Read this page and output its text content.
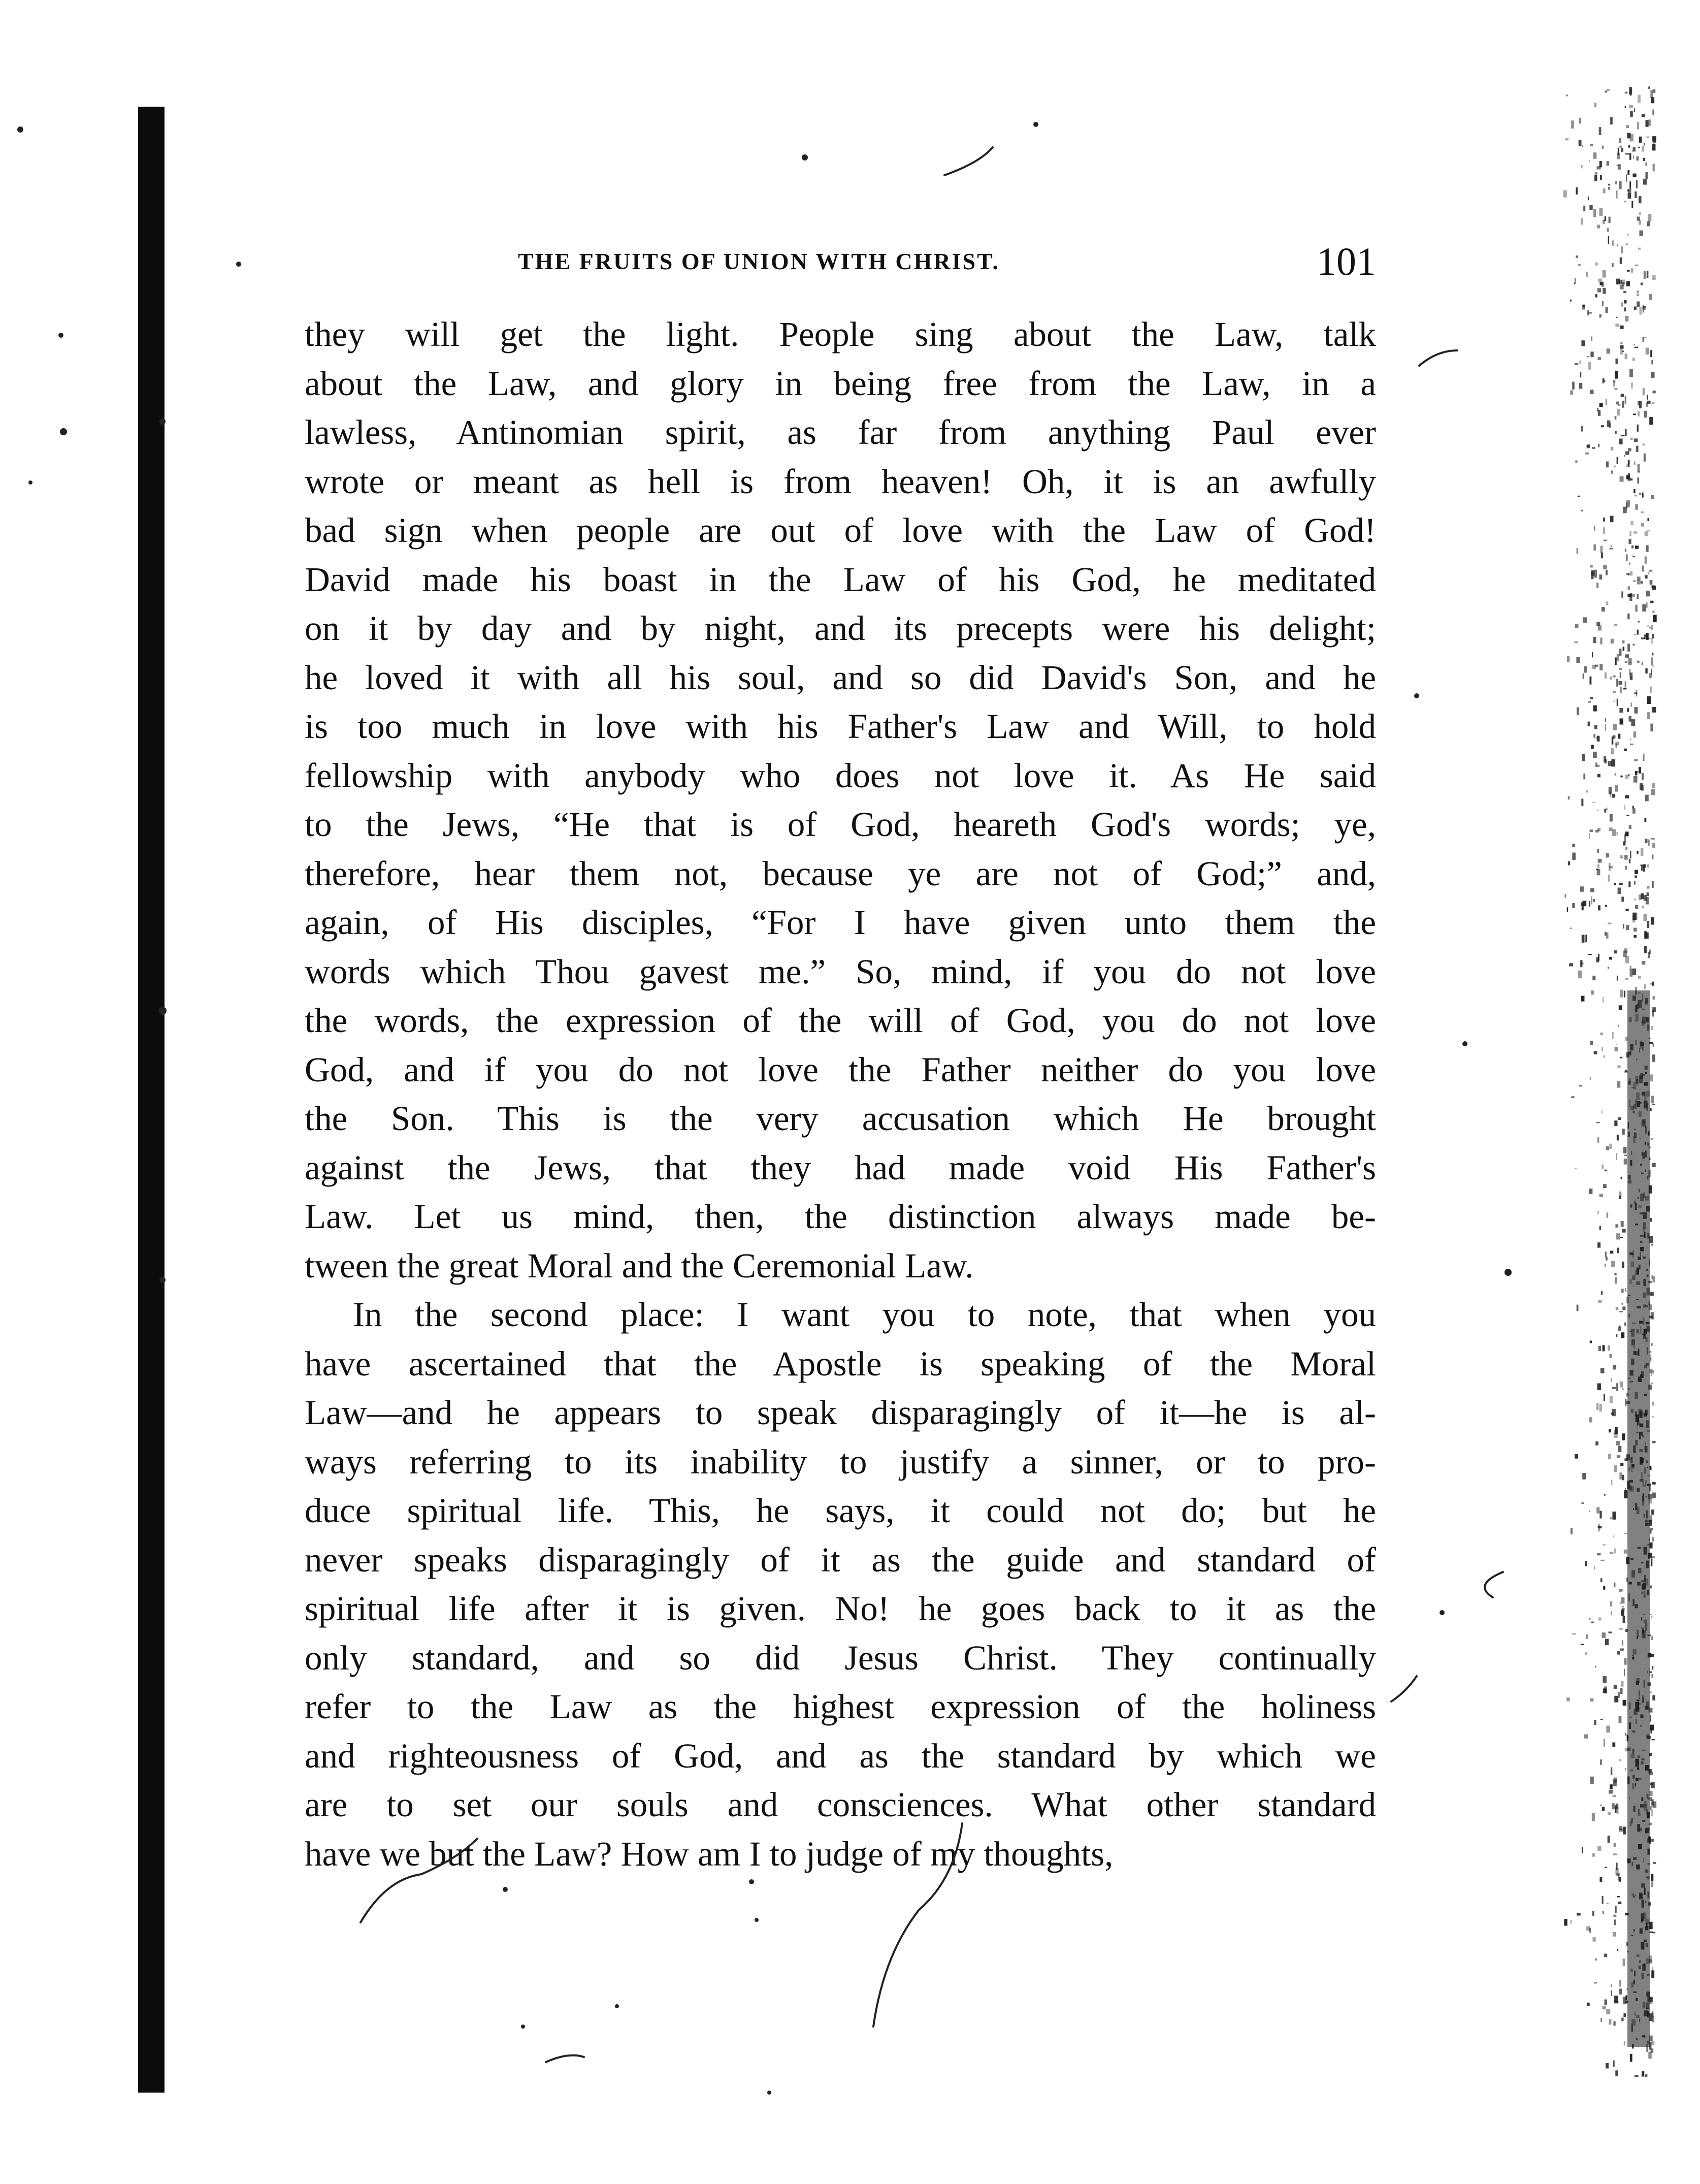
THE FRUITS OF UNION WITH CHRIST.	101
they will get the light. People sing about the Law, talk
about the Law, and glory in being free from the Law, in a
lawless, Antinomian spirit, as far from anything Paul ever
wrote or meant as hell is from heaven! Oh, it is an awfully
bad sign when people are out of love with the Law of God!
David made his boast in the Law of his God, he meditated
on it by day and by night, and its precepts were his delight;
he loved it with all his soul, and so did David's Son, and he
is too much in love with his Father's Law and Will, to hold
fellowship with anybody who does not love it. As He said
to the Jews, “He that is of God, heareth God's words; ye,
therefore, hear them not, because ye are not of God;” and,
again, of His disciples, “For I have given unto them the
words which Thou gavest me.” So, mind, if you do not love
the words, the expression of the will of God, you do not love
God, and if you do not love the Father neither do you love
the Son. This is the very accusation which He brought
against the Jews, that they had made void His Father's
Law. Let us mind, then, the distinction always made be-
tween the great Moral and the Ceremonial Law.
In the second place: I want you to note, that when you
have ascertained that the Apostle is speaking of the Moral
Law—and he appears to speak disparagingly of it—he is al-
ways referring to its inability to justify a sinner, or to pro-
duce spiritual life. This, he says, it could not do; but he
never speaks disparagingly of it as the guide and standard of
spiritual life after it is given. No! he goes back to it as the
only standard, and so did Jesus Christ. They continually
refer to the Law as the highest expression of the holiness
and righteousness of God, and as the standard by which we
are to set our souls and consciences. What other standard
have we but the Law? How am I to judge of my thoughts,
